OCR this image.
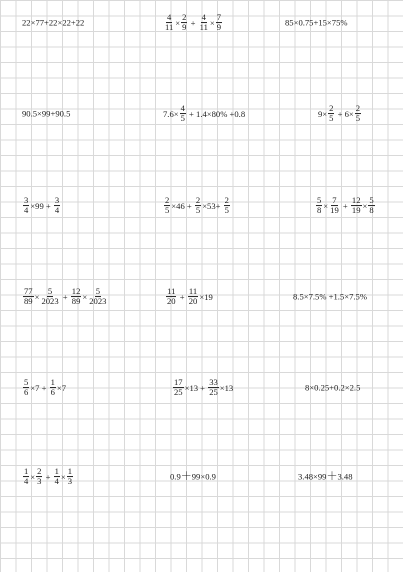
22×77+22×22+22	$\frac{4}{11} \times \frac{2}{9} + \frac{4}{11} \times \frac{7}{9}$	85×0.75+15×75%
90.5×99+90.5	$7.6\times \frac{4}{5} + 1.4\times 80\% +0.8$	$9\times \frac{2}{5} + 6\times \frac{2}{5}$
$\frac{3}{4} \times 99 + \frac{3}{4}$	$\frac{2}{5} \times 46 + \frac{2}{5} \times 53+ \frac{2}{5}$	$\frac{5}{8} \times \frac{7}{19} + \frac{12}{19} \times \frac{5}{8}$
$\frac{77}{89} \times \frac{5}{2023} + \frac{12}{89} \times \frac{5}{2023}$	$\frac{11}{20} + \frac{11}{20} \times 19$	8.5×7.5% +1.5×7.5%
$\frac{5}{6} \times 7 + \frac{1}{6} \times 7$	$\frac{17}{25} \times 13 + \frac{33}{25} \times 13$	8×0.25+0.2×2.5
$\frac{1}{4} \times \frac{2}{3} + \frac{1}{4} \times \frac{1}{3}$	0.9 ＋ 99×0.9	3.48×99 ＋ 3.48
